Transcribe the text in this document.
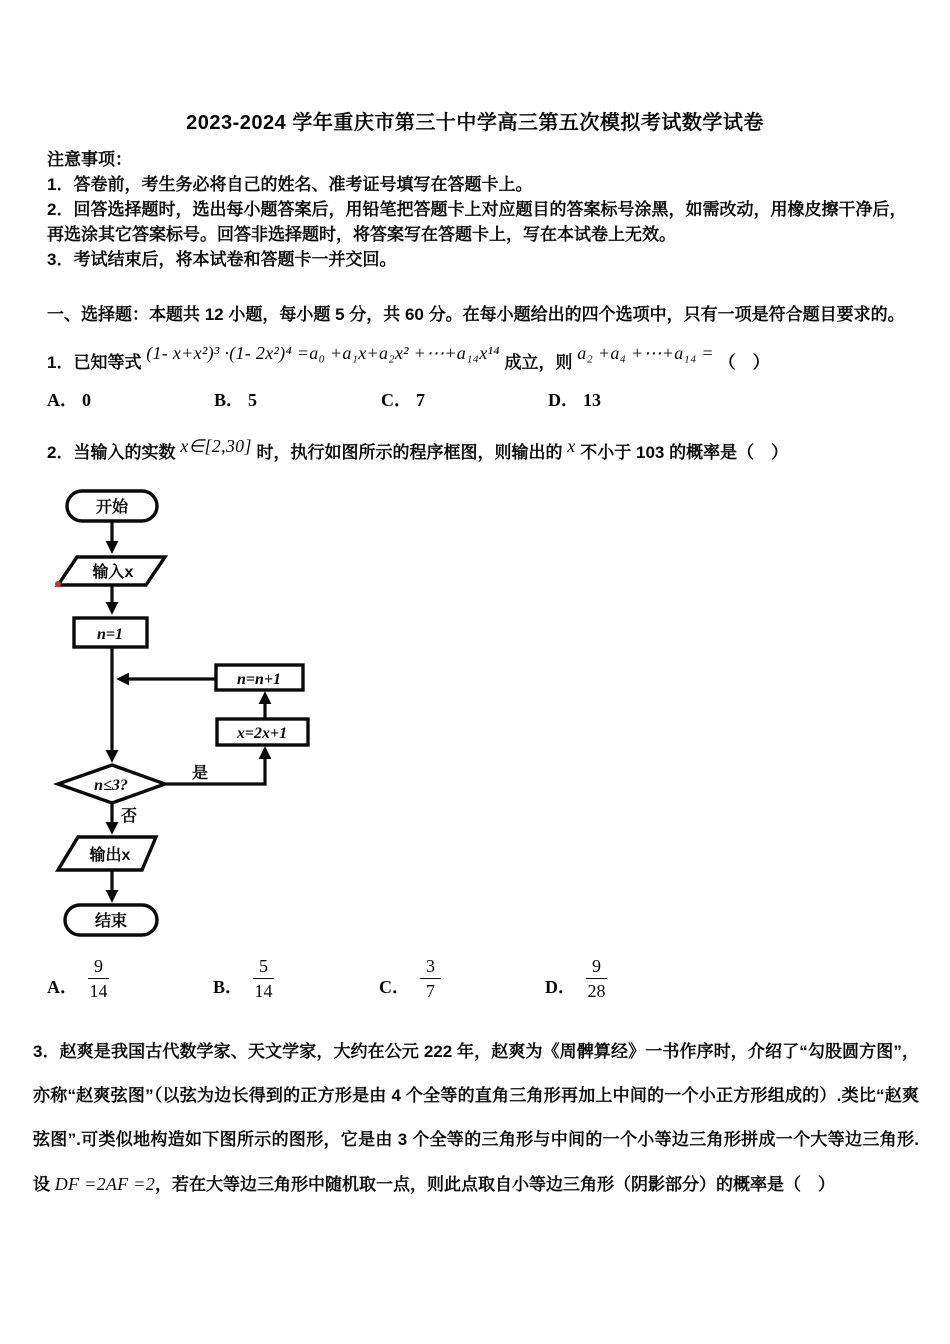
2023-2024 学年重庆市第三十中学高三第五次模拟考试数学试卷
注意事项：
1．答卷前，考生务必将自己的姓名、准考证号填写在答题卡上。
2．回答选择题时，选出每小题答案后，用铅笔把答题卡上对应题目的答案标号涂黑，如需改动，用橡皮擦干净后，再选涂其它答案标号。回答非选择题时，将答案写在答题卡上，写在本试卷上无效。
3．考试结束后，将本试卷和答题卡一并交回。
一、选择题：本题共 12 小题，每小题 5 分，共 60 分。在每小题给出的四个选项中，只有一项是符合题目要求的。
1．已知等式 (1- x+x²)³ ·(1- 2x²)⁴ =a₀ +a₁x+a₂x² +⋯+a₁₄x¹⁴ 成立，则 a₂ +a₄ +⋯+a₁₄ = （　）
A． 0	B． 5	C． 7	D． 13
2．当输入的实数 x∈[2,30] 时，执行如图所示的程序框图，则输出的 x 不小于 103 的概率是（　）
开始
输入x
n=1
n=n+1
x=2x+1
n≤3?
是
否
输出x
结束
A． $\frac{9}{14}$	B． $\frac{5}{14}$	C． $\frac{3}{7}$	D． $\frac{9}{28}$

3．赵爽是我国古代数学家、天文学家，大约在公元 222 年，赵爽为《周髀算经》一书作序时，介绍了“勾股圆方图”，亦称“赵爽弦图”（以弦为边长得到的正方形是由 4 个全等的直角三角形再加上中间的一个小正方形组成的）.类比“赵爽弦图”.可类似地构造如下图所示的图形，它是由 3 个全等的三角形与中间的一个小等边三角形拼成一个大等边三角形.设 DF =2AF =2，若在大等边三角形中随机取一点，则此点取自小等边三角形（阴影部分）的概率是（　）
